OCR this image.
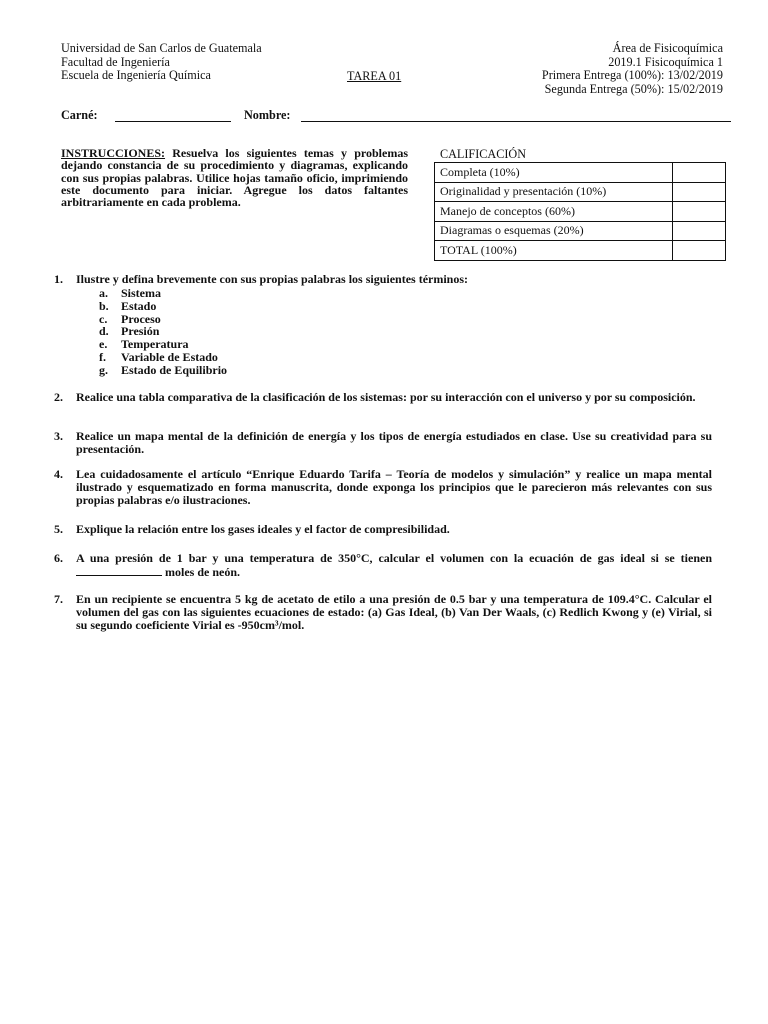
Universidad de San Carlos de Guatemala
Facultad de Ingeniería
Escuela de Ingeniería Química	TAREA 01
Área de Fisicoquímica
2019.1 Fisicoquímica 1
Primera Entrega (100%): 13/02/2019
Segunda Entrega (50%): 15/02/2019
Carné:	Nombre:
INSTRUCCIONES: Resuelva los siguientes temas y problemas dejando constancia de su procedimiento y diagramas, explicando con sus propias palabras. Utilice hojas tamaño oficio, imprimiendo este documento para iniciar. Agregue los datos faltantes arbitrariamente en cada problema.
CALIFICACIÓN
Completa (10%)	
Originalidad y presentación (10%)	
Manejo de conceptos (60%)	
Diagramas o esquemas (20%)	
TOTAL (100%)	
1. Ilustre y defina brevemente con sus propias palabras los siguientes términos:
a. Sistema
b. Estado
c. Proceso
d. Presión
e. Temperatura
f. Variable de Estado
g. Estado de Equilibrio
2. Realice una tabla comparativa de la clasificación de los sistemas: por su interacción con el universo y por su composición.
3. Realice un mapa mental de la definición de energía y los tipos de energía estudiados en clase. Use su creatividad para su presentación.
4. Lea cuidadosamente el artículo “Enrique Eduardo Tarifa – Teoría de modelos y simulación” y realice un mapa mental ilustrado y esquematizado en forma manuscrita, donde exponga los principios que le parecieron más relevantes con sus propias palabras e/o ilustraciones.
5. Explique la relación entre los gases ideales y el factor de compresibilidad.
6. A una presión de 1 bar y una temperatura de 350°C, calcular el volumen con la ecuación de gas ideal si se tienen  moles de neón.
7. En un recipiente se encuentra 5 kg de acetato de etilo a una presión de 0.5 bar y una temperatura de 109.4°C. Calcular el volumen del gas con las siguientes ecuaciones de estado: (a) Gas Ideal, (b) Van Der Waals, (c) Redlich Kwong y (e) Virial, si su segundo coeficiente Virial es -950cm³/mol.
